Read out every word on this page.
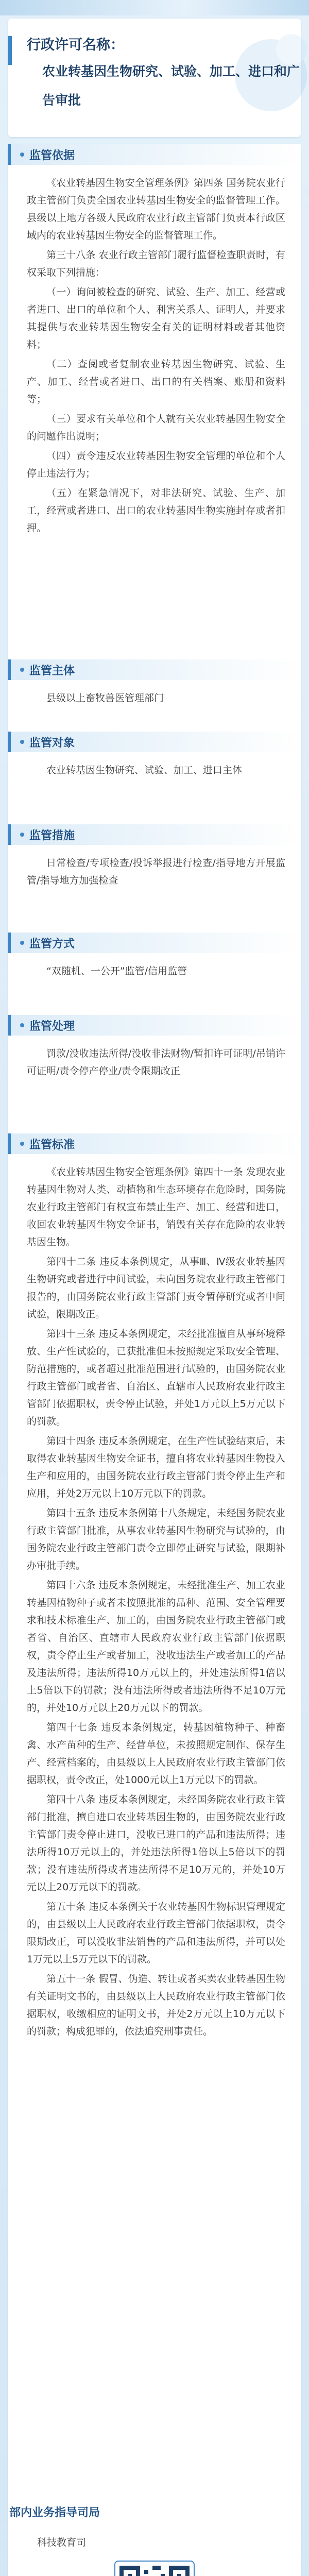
行政许可名称：
农业转基因生物研究、试验、加工、进口和广告审批
监管依据

《农业转基因生物安全管理条例》第四条 国务院农业行政主管部门负责全国农业转基因生物安全的监督管理工作。县级以上地方各级人民政府农业行政主管部门负责本行政区域内的农业转基因生物安全的监督管理工作。

第三十八条 农业行政主管部门履行监督检查职责时，有权采取下列措施：

（一）询问被检查的研究、试验、生产、加工、经营或者进口、出口的单位和个人、利害关系人、证明人，并要求其提供与农业转基因生物安全有关的证明材料或者其他资料；

（二）查阅或者复制农业转基因生物研究、试验、生产、加工、经营或者进口、出口的有关档案、账册和资料等；

（三）要求有关单位和个人就有关农业转基因生物安全的问题作出说明；

（四）责令违反农业转基因生物安全管理的单位和个人停止违法行为；

（五）在紧急情况下，对非法研究、试验、生产、加工，经营或者进口、出口的农业转基因生物实施封存或者扣押。

监管主体

县级以上畜牧兽医管理部门

监管对象

农业转基因生物研究、试验、加工、进口主体

监管措施

日常检查/专项检查/投诉举报进行检查/指导地方开展监管/指导地方加强检查

监管方式

“双随机、一公开”监管/信用监管

监管处理

罚款/没收违法所得/没收非法财物/暂扣许可证明/吊销许可证明/责令停产停业/责令限期改正

监管标准

《农业转基因生物安全管理条例》第四十一条 发现农业转基因生物对人类、动植物和生态环境存在危险时，国务院农业行政主管部门有权宣布禁止生产、加工、经营和进口，收回农业转基因生物安全证书，销毁有关存在危险的农业转基因生物。

第四十二条 违反本条例规定，从事Ⅲ、Ⅳ级农业转基因生物研究或者进行中间试验，未向国务院农业行政主管部门报告的，由国务院农业行政主管部门责令暂停研究或者中间试验，限期改正。

第四十三条 违反本条例规定，未经批准擅自从事环境释放、生产性试验的，已获批准但未按照规定采取安全管理、防范措施的，或者超过批准范围进行试验的，由国务院农业行政主管部门或者省、自治区、直辖市人民政府农业行政主管部门依据职权，责令停止试验，并处1万元以上5万元以下的罚款。

第四十四条 违反本条例规定，在生产性试验结束后，未取得农业转基因生物安全证书，擅自将农业转基因生物投入生产和应用的，由国务院农业行政主管部门责令停止生产和应用，并处2万元以上10万元以下的罚款。

第四十五条 违反本条例第十八条规定，未经国务院农业行政主管部门批准，从事农业转基因生物研究与试验的，由国务院农业行政主管部门责令立即停止研究与试验，限期补办审批手续。

第四十六条 违反本条例规定，未经批准生产、加工农业转基因植物种子或者未按照批准的品种、范围、安全管理要求和技术标准生产、加工的，由国务院农业行政主管部门或者省、自治区、直辖市人民政府农业行政主管部门依据职权，责令停止生产或者加工，没收违法生产或者加工的产品及违法所得；违法所得10万元以上的，并处违法所得1倍以上5倍以下的罚款；没有违法所得或者违法所得不足10万元的，并处10万元以上20万元以下的罚款。

第四十七条 违反本条例规定，转基因植物种子、种畜禽、水产苗种的生产、经营单位，未按照规定制作、保存生产、经营档案的，由县级以上人民政府农业行政主管部门依据职权，责令改正，处1000元以上1万元以下的罚款。

第四十八条 违反本条例规定，未经国务院农业行政主管部门批准，擅自进口农业转基因生物的，由国务院农业行政主管部门责令停止进口，没收已进口的产品和违法所得；违法所得10万元以上的，并处违法所得1倍以上5倍以下的罚款；没有违法所得或者违法所得不足10万元的，并处10万元以上20万元以下的罚款。

第五十条 违反本条例关于农业转基因生物标识管理规定的，由县级以上人民政府农业行政主管部门依据职权，责令限期改正，可以没收非法销售的产品和违法所得，并可以处1万元以上5万元以下的罚款。

第五十一条 假冒、伪造、转让或者买卖农业转基因生物有关证明文书的，由县级以上人民政府农业行政主管部门依据职权，收缴相应的证明文书，并处2万元以上10万元以下的罚款；构成犯罪的，依法追究刑事责任。

部内业务指导司局
科技教育司
